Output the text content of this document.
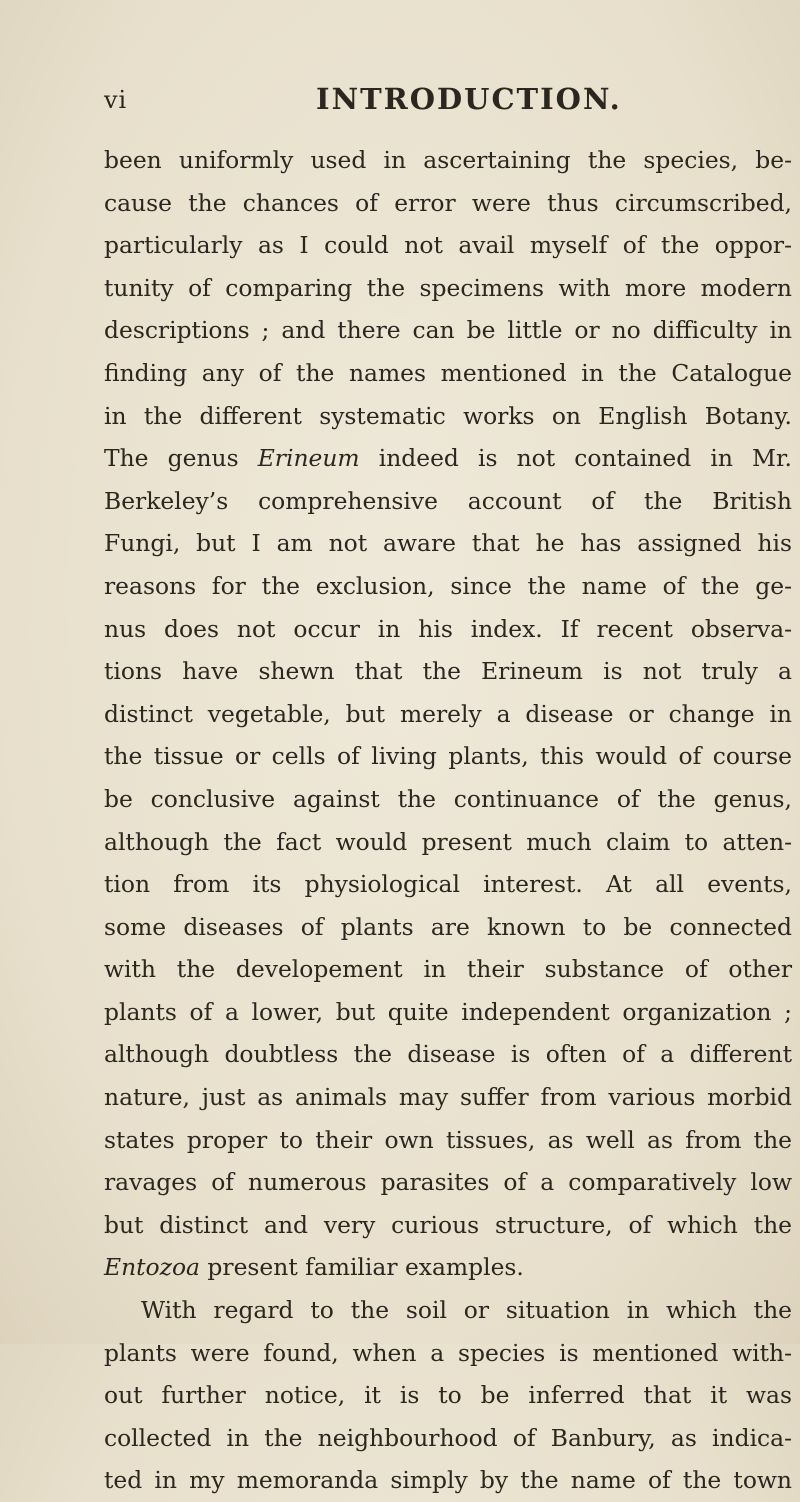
vi	INTRODUCTION.
been uniformly used in ascertaining the species, be-
cause the chances of error were thus circumscribed,
particularly as I could not avail myself of the oppor-
tunity of comparing the specimens with more modern
descriptions ; and there can be little or no difficulty in
finding any of the names mentioned in the Catalogue
in the different systematic works on English Botany.
The genus Erineum indeed is not contained in Mr.
Berkeley’s comprehensive account of the British
Fungi, but I am not aware that he has assigned his
reasons for the exclusion, since the name of the ge-
nus does not occur in his index. If recent observa-
tions have shewn that the Erineum is not truly a
distinct vegetable, but merely a disease or change in
the tissue or cells of living plants, this would of course
be conclusive against the continuance of the genus,
although the fact would present much claim to atten-
tion from its physiological interest. At all events,
some diseases of plants are known to be connected
with the developement in their substance of other
plants of a lower, but quite independent organization ;
although doubtless the disease is often of a different
nature, just as animals may suffer from various morbid
states proper to their own tissues, as well as from the
ravages of numerous parasites of a comparatively low
but distinct and very curious structure, of which the
Entozoa present familiar examples.
With regard to the soil or situation in which the
plants were found, when a species is mentioned with-
out further notice, it is to be inferred that it was
collected in the neighbourhood of Banbury, as indica-
ted in my memoranda simply by the name of the town
